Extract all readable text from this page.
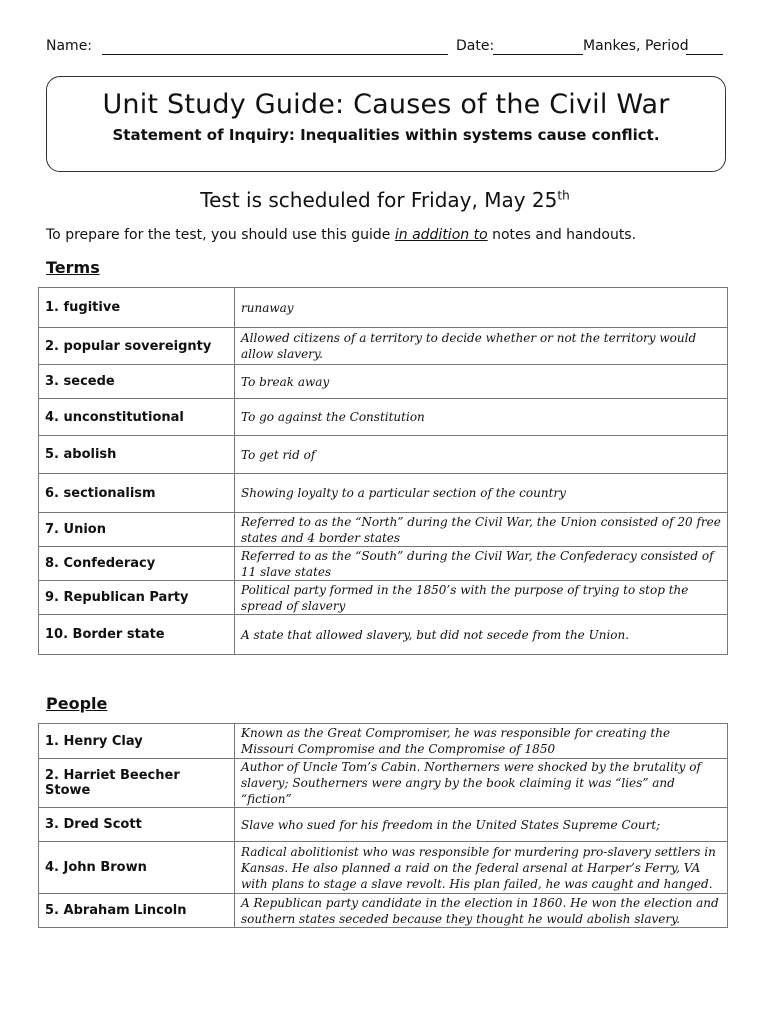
Name:	Date:	Mankes, Period
Unit Study Guide: Causes of the Civil War
Statement of Inquiry: Inequalities within systems cause conflict.
Test is scheduled for Friday, May 25th
To prepare for the test, you should use this guide in addition to notes and handouts.
Terms
1. fugitive	runaway
2. popular sovereignty	Allowed citizens of a territory to decide whether or not the territory would allow slavery.
3. secede	To break away
4. unconstitutional	To go against the Constitution
5. abolish	To get rid of
6. sectionalism	Showing loyalty to a particular section of the country
7. Union	Referred to as the “North” during the Civil War, the Union consisted of 20 free states and 4 border states
8. Confederacy	Referred to as the “South” during the Civil War, the Confederacy consisted of 11 slave states
9. Republican Party	Political party formed in the 1850’s with the purpose of trying to stop the spread of slavery
10. Border state	A state that allowed slavery, but did not secede from the Union.
People
1. Henry Clay	Known as the Great Compromiser, he was responsible for creating the Missouri Compromise and the Compromise of 1850
2. Harriet Beecher Stowe	Author of Uncle Tom’s Cabin. Northerners were shocked by the brutality of slavery; Southerners were angry by the book claiming it was “lies” and “fiction”
3. Dred Scott	Slave who sued for his freedom in the United States Supreme Court;
4. John Brown	Radical abolitionist who was responsible for murdering pro-slavery settlers in Kansas. He also planned a raid on the federal arsenal at Harper’s Ferry, VA with plans to stage a slave revolt. His plan failed, he was caught and hanged.
5. Abraham Lincoln	A Republican party candidate in the election in 1860. He won the election and southern states seceded because they thought he would abolish slavery.
